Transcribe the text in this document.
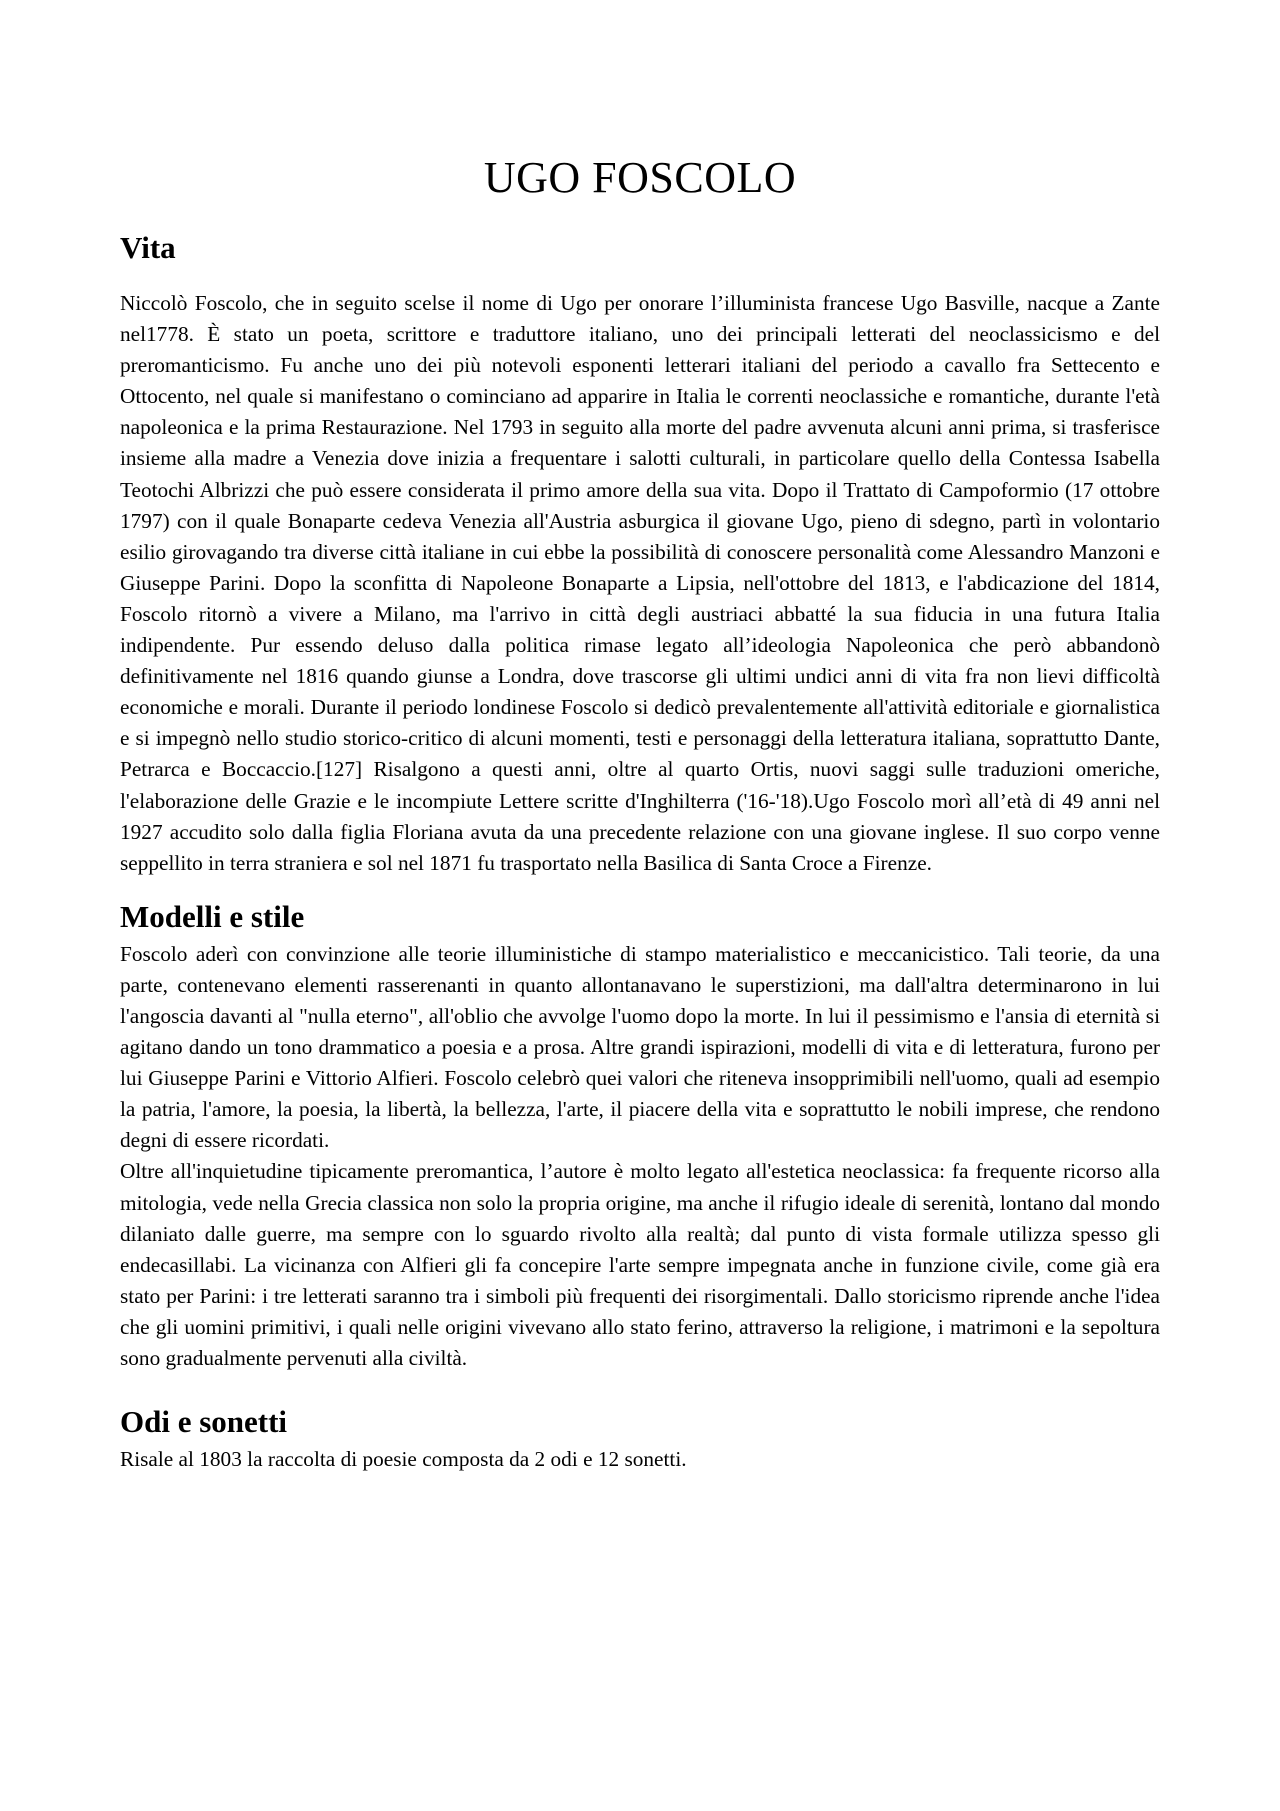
UGO FOSCOLO
Vita

Niccolò Foscolo, che in seguito scelse il nome di Ugo per onorare l’illuminista francese Ugo Basville, nacque a Zante nel1778. È stato un poeta, scrittore e traduttore italiano, uno dei principali letterati del neoclassicismo e del preromanticismo. Fu anche uno dei più notevoli esponenti letterari italiani del periodo a cavallo fra Settecento e Ottocento, nel quale si manifestano o cominciano ad apparire in Italia le correnti neoclassiche e romantiche, durante l'età napoleonica e la prima Restaurazione. Nel 1793 in seguito alla morte del padre avvenuta alcuni anni prima, si trasferisce insieme alla madre a Venezia dove inizia a frequentare i salotti culturali, in particolare quello della Contessa Isabella Teotochi Albrizzi che può essere considerata il primo amore della sua vita. Dopo il Trattato di Campoformio (17 ottobre 1797) con il quale Bonaparte cedeva Venezia all'Austria asburgica il giovane Ugo, pieno di sdegno, partì in volontario esilio girovagando tra diverse città italiane in cui ebbe la possibilità di conoscere personalità come Alessandro Manzoni e Giuseppe Parini. Dopo la sconfitta di Napoleone Bonaparte a Lipsia, nell'ottobre del 1813, e l'abdicazione del 1814, Foscolo ritornò a vivere a Milano, ma l'arrivo in città degli austriaci abbatté la sua fiducia in una futura Italia indipendente. Pur essendo deluso dalla politica rimase legato all’ideologia Napoleonica che però abbandonò definitivamente nel 1816 quando giunse a Londra, dove trascorse gli ultimi undici anni di vita fra non lievi difficoltà economiche e morali. Durante il periodo londinese Foscolo si dedicò prevalentemente all'attività editoriale e giornalistica e si impegnò nello studio storico-critico di alcuni momenti, testi e personaggi della letteratura italiana, soprattutto Dante, Petrarca e Boccaccio.[127] Risalgono a questi anni, oltre al quarto Ortis, nuovi saggi sulle traduzioni omeriche, l'elaborazione delle Grazie e le incompiute Lettere scritte d'Inghilterra ('16-'18).Ugo Foscolo morì all’età di 49 anni nel 1927 accudito solo dalla figlia Floriana avuta da una precedente relazione con una giovane inglese. Il suo corpo venne seppellito in terra straniera e sol nel 1871 fu trasportato nella Basilica di Santa Croce a Firenze.

Modelli e stile

Foscolo aderì con convinzione alle teorie illuministiche di stampo materialistico e meccanicistico. Tali teorie, da una parte, contenevano elementi rasserenanti in quanto allontanavano le superstizioni, ma dall'altra determinarono in lui l'angoscia davanti al "nulla eterno", all'oblio che avvolge l'uomo dopo la morte. In lui il pessimismo e l'ansia di eternità si agitano dando un tono drammatico a poesia e a prosa. Altre grandi ispirazioni, modelli di vita e di letteratura, furono per lui Giuseppe Parini e Vittorio Alfieri. Foscolo celebrò quei valori che riteneva insopprimibili nell'uomo, quali ad esempio la patria, l'amore, la poesia, la libertà, la bellezza, l'arte, il piacere della vita e soprattutto le nobili imprese, che rendono degni di essere ricordati.

Oltre all'inquietudine tipicamente preromantica, l’autore è molto legato all'estetica neoclassica: fa frequente ricorso alla mitologia, vede nella Grecia classica non solo la propria origine, ma anche il rifugio ideale di serenità, lontano dal mondo dilaniato dalle guerre, ma sempre con lo sguardo rivolto alla realtà; dal punto di vista formale utilizza spesso gli endecasillabi. La vicinanza con Alfieri gli fa concepire l'arte sempre impegnata anche in funzione civile, come già era stato per Parini: i tre letterati saranno tra i simboli più frequenti dei risorgimentali. Dallo storicismo riprende anche l'idea che gli uomini primitivi, i quali nelle origini vivevano allo stato ferino, attraverso la religione, i matrimoni e la sepoltura sono gradualmente pervenuti alla civiltà.

Odi e sonetti

Risale al 1803 la raccolta di poesie composta da 2 odi e 12 sonetti.
